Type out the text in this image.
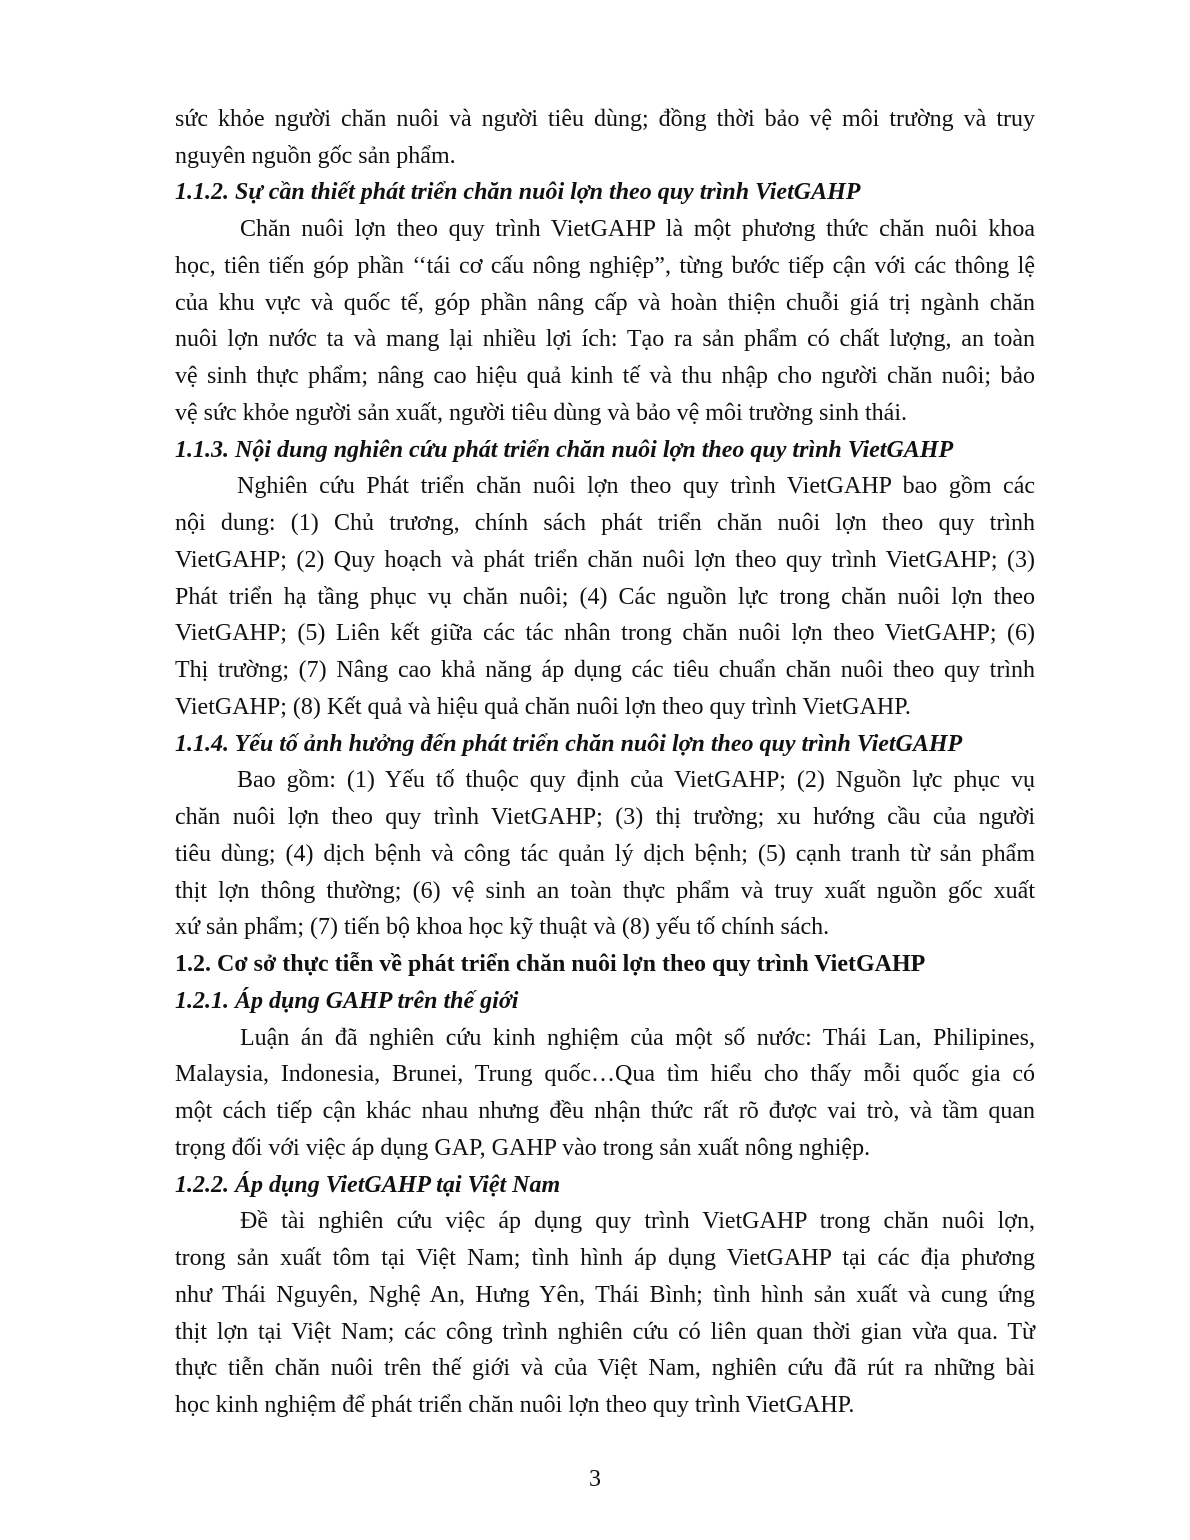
sức khỏe người chăn nuôi và người tiêu dùng; đồng thời bảo vệ môi trường và truy
nguyên nguồn gốc sản phẩm.
1.1.2. Sự cần thiết phát triển chăn nuôi lợn theo quy trình VietGAHP
Chăn nuôi lợn theo quy trình VietGAHP là một phương thức chăn nuôi khoa
học, tiên tiến góp phần ‘‘tái cơ cấu nông nghiệp”, từng bước tiếp cận với các thông lệ
của khu vực và quốc tế, góp phần nâng cấp và hoàn thiện chuỗi giá trị ngành chăn
nuôi lợn nước ta và mang lại nhiều lợi ích: Tạo ra sản phẩm có chất lượng, an toàn
vệ sinh thực phẩm; nâng cao hiệu quả kinh tế và thu nhập cho người chăn nuôi; bảo
vệ sức khỏe người sản xuất, người tiêu dùng và bảo vệ môi trường sinh thái.
1.1.3. Nội dung nghiên cứu phát triển chăn nuôi lợn theo quy trình VietGAHP
Nghiên cứu Phát triển chăn nuôi lợn theo quy trình VietGAHP bao gồm các
nội dung: (1) Chủ trương, chính sách phát triển chăn nuôi lợn theo quy trình
VietGAHP; (2) Quy hoạch và phát triển chăn nuôi lợn theo quy trình VietGAHP; (3)
Phát triển hạ tầng phục vụ chăn nuôi; (4) Các nguồn lực trong chăn nuôi lợn theo
VietGAHP; (5) Liên kết giữa các tác nhân trong chăn nuôi lợn theo VietGAHP; (6)
Thị trường; (7) Nâng cao khả năng áp dụng các tiêu chuẩn chăn nuôi theo quy trình
VietGAHP; (8) Kết quả và hiệu quả chăn nuôi lợn theo quy trình VietGAHP.
1.1.4. Yếu tố ảnh hưởng đến phát triển chăn nuôi lợn theo quy trình VietGAHP
Bao gồm: (1) Yếu tố thuộc quy định của VietGAHP; (2) Nguồn lực phục vụ
chăn nuôi lợn theo quy trình VietGAHP; (3) thị trường; xu hướng cầu của người
tiêu dùng; (4) dịch bệnh và công tác quản lý dịch bệnh; (5) cạnh tranh từ sản phẩm
thịt lợn thông thường; (6) vệ sinh an toàn thực phẩm và truy xuất nguồn gốc xuất
xứ sản phẩm; (7) tiến bộ khoa học kỹ thuật và (8) yếu tố chính sách.
1.2. Cơ sở thực tiễn về phát triển chăn nuôi lợn theo quy trình VietGAHP
1.2.1. Áp dụng GAHP trên thế giới
Luận án đã nghiên cứu kinh nghiệm của một số nước: Thái Lan, Philipines,
Malaysia, Indonesia, Brunei, Trung quốc…Qua tìm hiểu cho thấy mỗi quốc gia có
một cách tiếp cận khác nhau nhưng đều nhận thức rất rõ được vai trò, và tầm quan
trọng đối với việc áp dụng GAP, GAHP vào trong sản xuất nông nghiệp.
1.2.2. Áp dụng VietGAHP tại Việt Nam
Đề tài nghiên cứu việc áp dụng quy trình VietGAHP trong chăn nuôi lợn,
trong sản xuất tôm tại Việt Nam; tình hình áp dụng VietGAHP tại các địa phương
như Thái Nguyên, Nghệ An, Hưng Yên, Thái Bình; tình hình sản xuất và cung ứng
thịt lợn tại Việt Nam; các công trình nghiên cứu có liên quan thời gian vừa qua. Từ
thực tiễn chăn nuôi trên thế giới và của Việt Nam, nghiên cứu đã rút ra những bài
học kinh nghiệm để phát triển chăn nuôi lợn theo quy trình VietGAHP.
3
